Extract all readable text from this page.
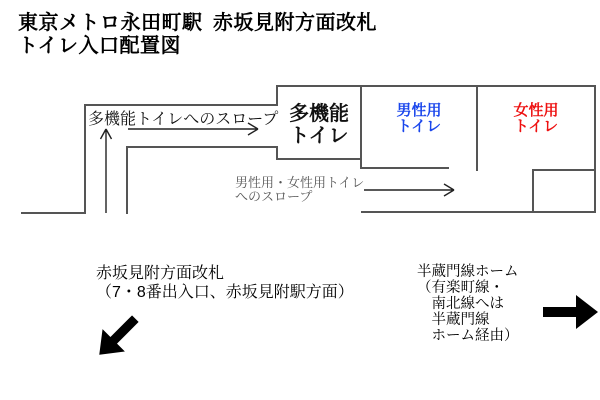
東京メトロ永田町駅 赤坂見附方面改札
トイレ入口配置図
多機能トイレへのスロープ 多機能
トイレ
男性用
トイレ
女性用
トイレ
男性用・女性用トイレ
へのスロープ
赤坂見附方面改札
（7・8番出入口、赤坂見附駅方面）
半蔵門線ホーム
（有楽町線・
　南北線へは
　半蔵門線
　ホーム経由）
